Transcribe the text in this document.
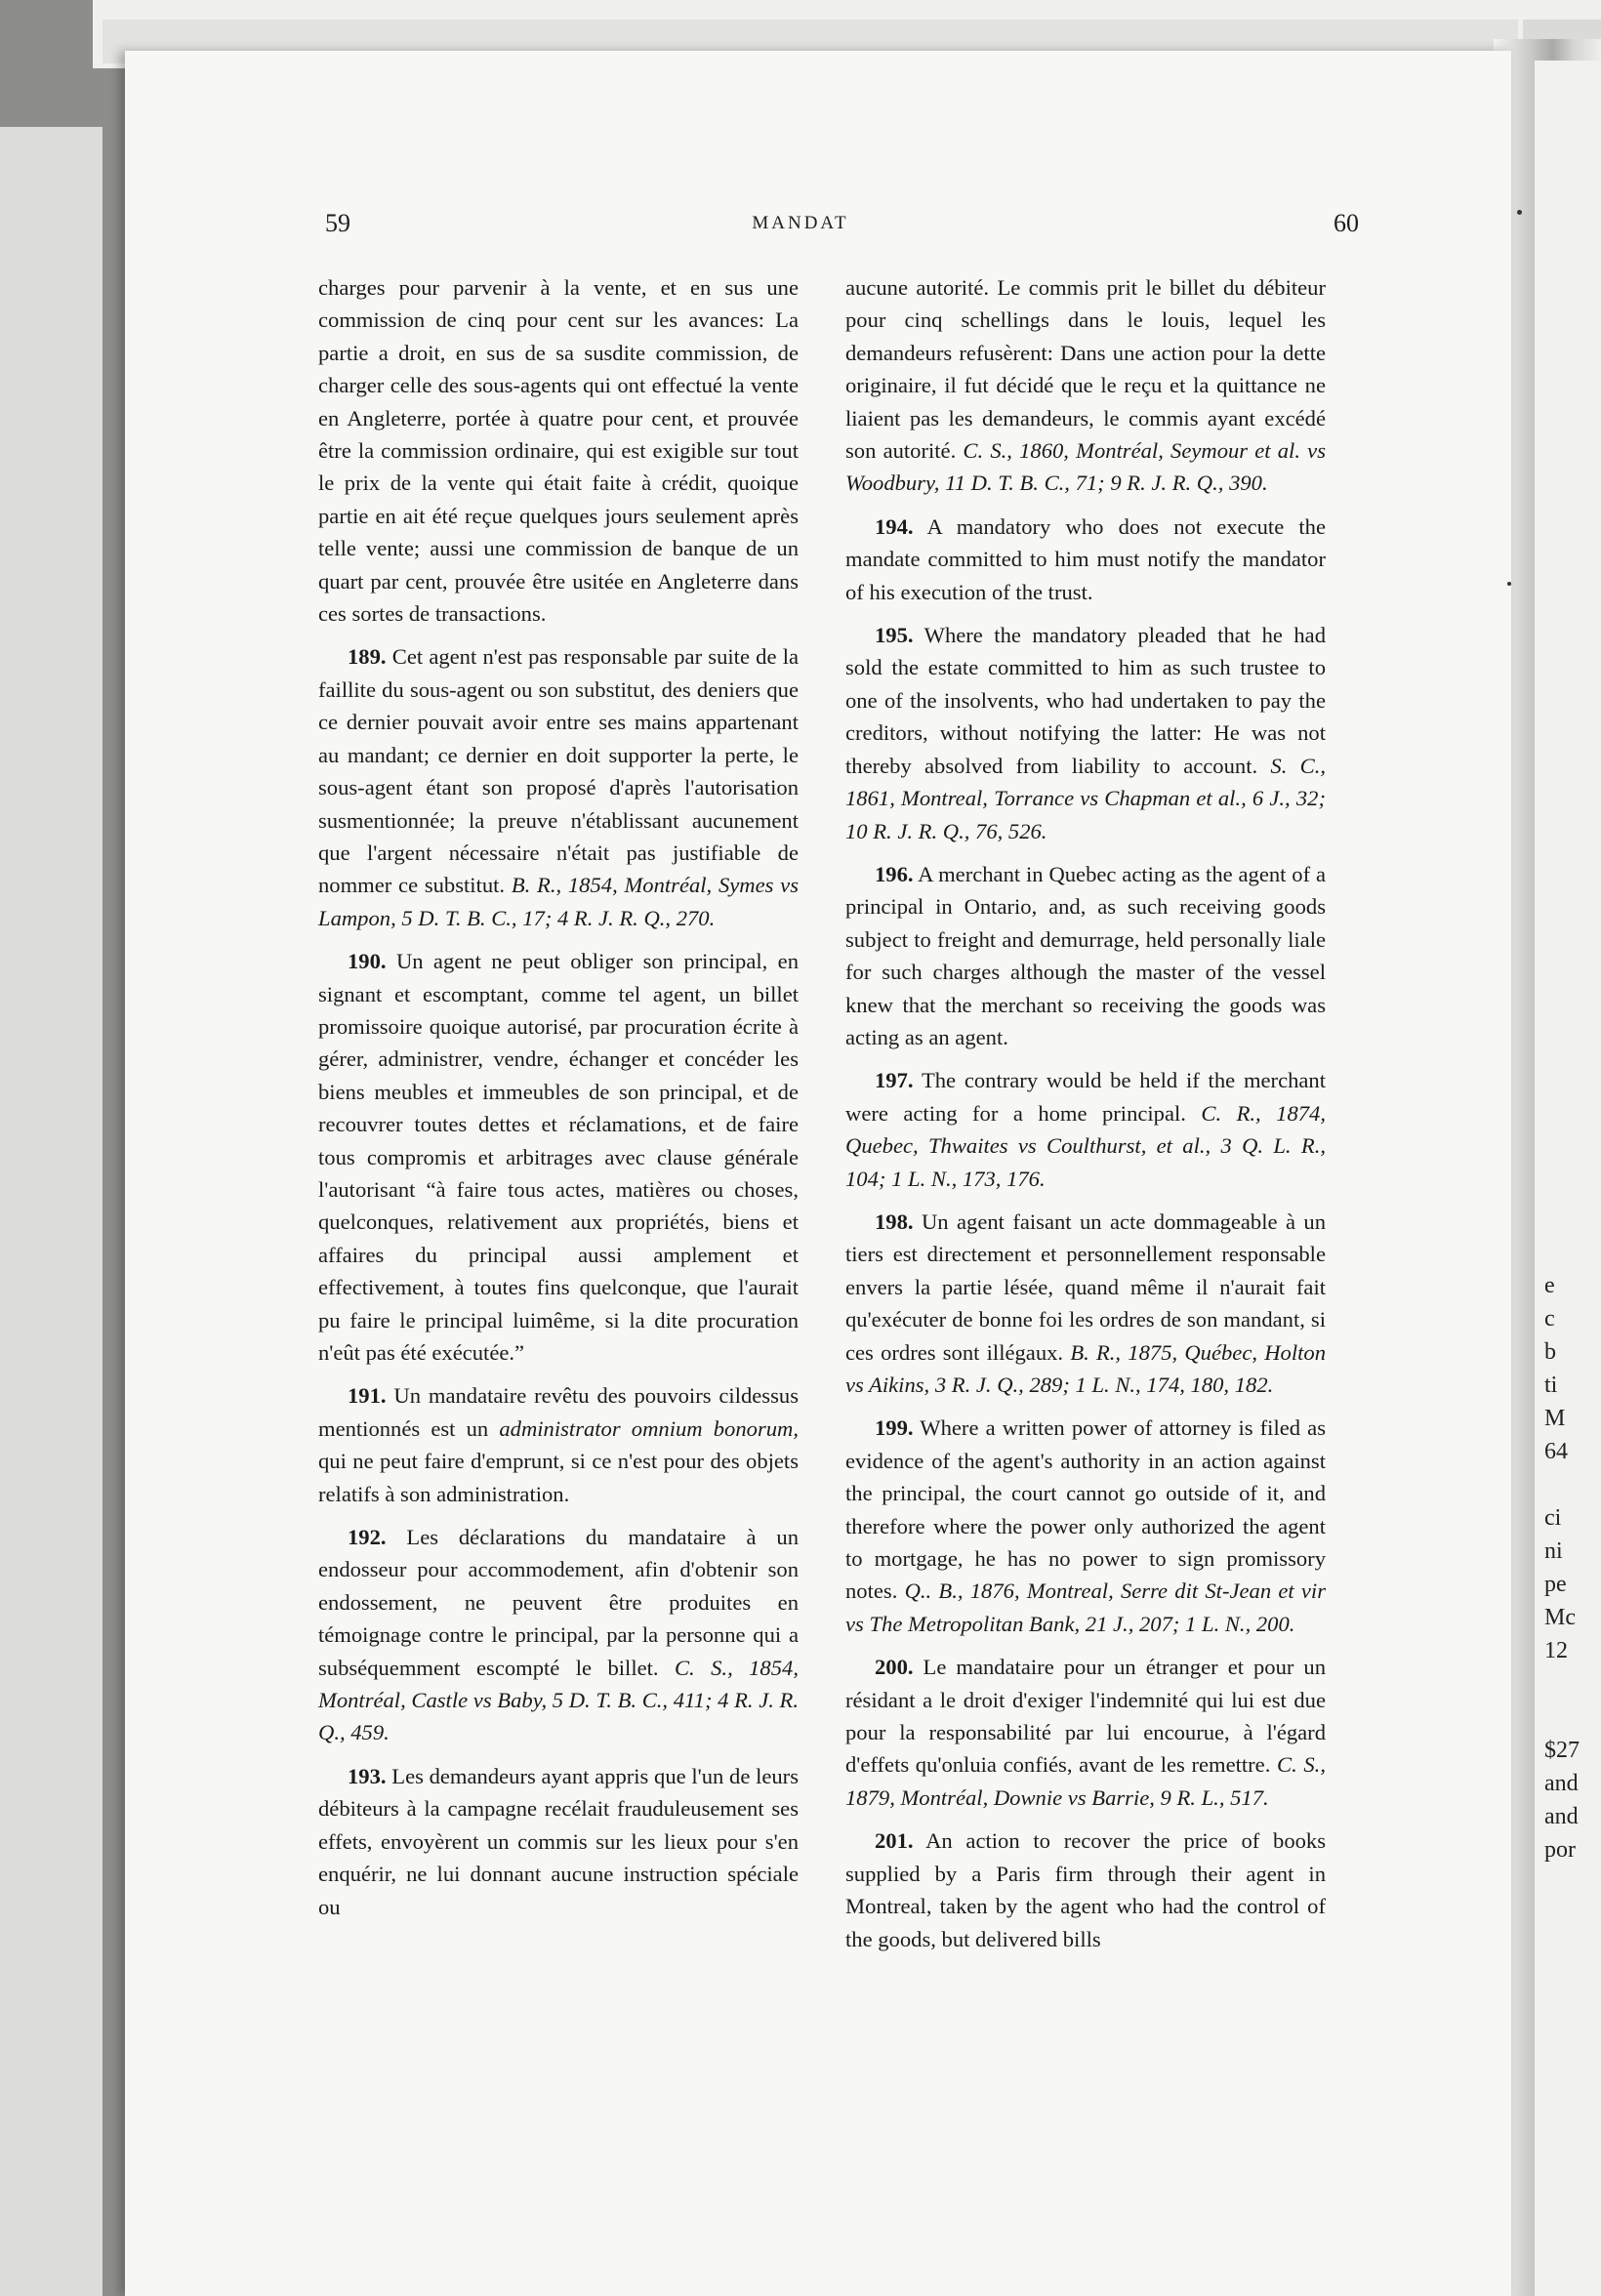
e
c
b
ti
M
64

ci
ni
pe
Mc
12

$27
and
and
por
59	MANDAT	60

charges pour parvenir à la vente, et en sus une commission de cinq pour cent sur les avances: La partie a droit, en sus de sa susdite commission, de charger celle des sous-agents qui ont effectué la vente en Angleterre, portée à quatre pour cent, et prouvée être la commission ordinaire, qui est exigible sur tout le prix de la vente qui était faite à crédit, quoique partie en ait été reçue quelques jours seulement après telle vente; aussi une commission de banque de un quart par cent, prouvée être usitée en Angleterre dans ces sortes de transactions.

189. Cet agent n'est pas responsable par suite de la faillite du sous-agent ou son substitut, des deniers que ce dernier pouvait avoir entre ses mains appartenant au mandant; ce dernier en doit supporter la perte, le sous-agent étant son proposé d'après l'autorisation susmentionnée; la preuve n'établissant aucunement que l'argent nécessaire n'était pas justifiable de nommer ce substitut. B. R., 1854, Montréal, Symes vs Lampon, 5 D. T. B. C., 17; 4 R. J. R. Q., 270.

190. Un agent ne peut obliger son principal, en signant et escomptant, comme tel agent, un billet promissoire quoique autorisé, par procuration écrite à gérer, administrer, vendre, échanger et concéder les biens meubles et immeubles de son principal, et de recouvrer toutes dettes et réclamations, et de faire tous compromis et arbitrages avec clause générale l'autorisant “à faire tous actes, matières ou choses, quelconques, relativement aux propriétés, biens et affaires du principal aussi amplement et effectivement, à toutes fins quelconque, que l'aurait pu faire le principal luimême, si la dite procuration n'eût pas été exécutée.”

191. Un mandataire revêtu des pouvoirs cildessus mentionnés est un administrator omnium bonorum, qui ne peut faire d'emprunt, si ce n'est pour des objets relatifs à son administration.

192. Les déclarations du mandataire à un endosseur pour accommodement, afin d'obtenir son endossement, ne peuvent être produites en témoignage contre le principal, par la personne qui a subséquemment escompté le billet. C. S., 1854, Montréal, Castle vs Baby, 5 D. T. B. C., 411; 4 R. J. R. Q., 459.

193. Les demandeurs ayant appris que l'un de leurs débiteurs à la campagne recélait frauduleusement ses effets, envoyèrent un commis sur les lieux pour s'en enquérir, ne lui donnant aucune instruction spéciale ou

aucune autorité. Le commis prit le billet du débiteur pour cinq schellings dans le louis, lequel les demandeurs refusèrent: Dans une action pour la dette originaire, il fut décidé que le reçu et la quittance ne liaient pas les demandeurs, le commis ayant excédé son autorité. C. S., 1860, Montréal, Seymour et al. vs Woodbury, 11 D. T. B. C., 71; 9 R. J. R. Q., 390.

194. A mandatory who does not execute the mandate committed to him must notify the mandator of his execution of the trust.

195. Where the mandatory pleaded that he had sold the estate committed to him as such trustee to one of the insolvents, who had undertaken to pay the creditors, without notifying the latter: He was not thereby absolved from liability to account. S. C., 1861, Montreal, Torrance vs Chapman et al., 6 J., 32; 10 R. J. R. Q., 76, 526.

196. A merchant in Quebec acting as the agent of a principal in Ontario, and, as such receiving goods subject to freight and demurrage, held personally liale for such charges although the master of the vessel knew that the merchant so receiving the goods was acting as an agent.

197. The contrary would be held if the merchant were acting for a home principal. C. R., 1874, Quebec, Thwaites vs Coulthurst, et al., 3 Q. L. R., 104; 1 L. N., 173, 176.

198. Un agent faisant un acte dommageable à un tiers est directement et personnellement responsable envers la partie lésée, quand même il n'aurait fait qu'exécuter de bonne foi les ordres de son mandant, si ces ordres sont illégaux. B. R., 1875, Québec, Holton vs Aikins, 3 R. J. Q., 289; 1 L. N., 174, 180, 182.

199. Where a written power of attorney is filed as evidence of the agent's authority in an action against the principal, the court cannot go outside of it, and therefore where the power only authorized the agent to mortgage, he has no power to sign promissory notes. Q.. B., 1876, Montreal, Serre dit St-Jean et vir vs The Metropolitan Bank, 21 J., 207; 1 L. N., 200.

200. Le mandataire pour un étranger et pour un résidant a le droit d'exiger l'indemnité qui lui est due pour la responsabilité par lui encourue, à l'égard d'effets qu'onluia confiés, avant de les remettre. C. S., 1879, Montréal, Downie vs Barrie, 9 R. L., 517.

201. An action to recover the price of books supplied by a Paris firm through their agent in Montreal, taken by the agent who had the control of the goods, but delivered bills
